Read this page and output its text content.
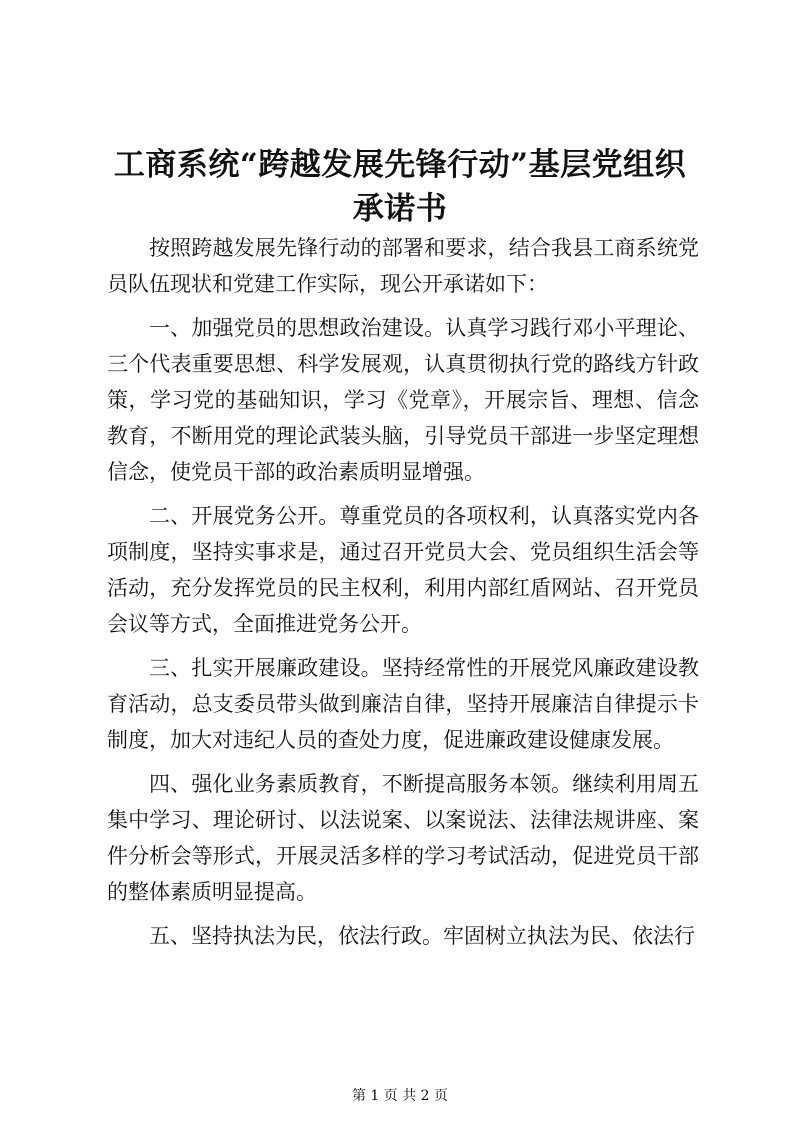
工商系统“跨越发展先锋行动”基层党组织承诺书

按照跨越发展先锋行动的部署和要求，结合我县工商系统党员队伍现状和党建工作实际，现公开承诺如下：

一、加强党员的思想政治建设。认真学习践行邓小平理论、三个代表重要思想、科学发展观，认真贯彻执行党的路线方针政策，学习党的基础知识，学习《党章》，开展宗旨、理想、信念教育，不断用党的理论武装头脑，引导党员干部进一步坚定理想信念，使党员干部的政治素质明显增强。

二、开展党务公开。尊重党员的各项权利，认真落实党内各项制度，坚持实事求是，通过召开党员大会、党员组织生活会等活动，充分发挥党员的民主权利，利用内部红盾网站、召开党员会议等方式，全面推进党务公开。

三、扎实开展廉政建设。坚持经常性的开展党风廉政建设教育活动，总支委员带头做到廉洁自律，坚持开展廉洁自律提示卡制度，加大对违纪人员的查处力度，促进廉政建设健康发展。

四、强化业务素质教育，不断提高服务本领。继续利用周五集中学习、理论研讨、以法说案、以案说法、法律法规讲座、案件分析会等形式，开展灵活多样的学习考试活动，促进党员干部的整体素质明显提高。

五、坚持执法为民，依法行政。牢固树立执法为民、依法行

第 1 页 共 2 页
